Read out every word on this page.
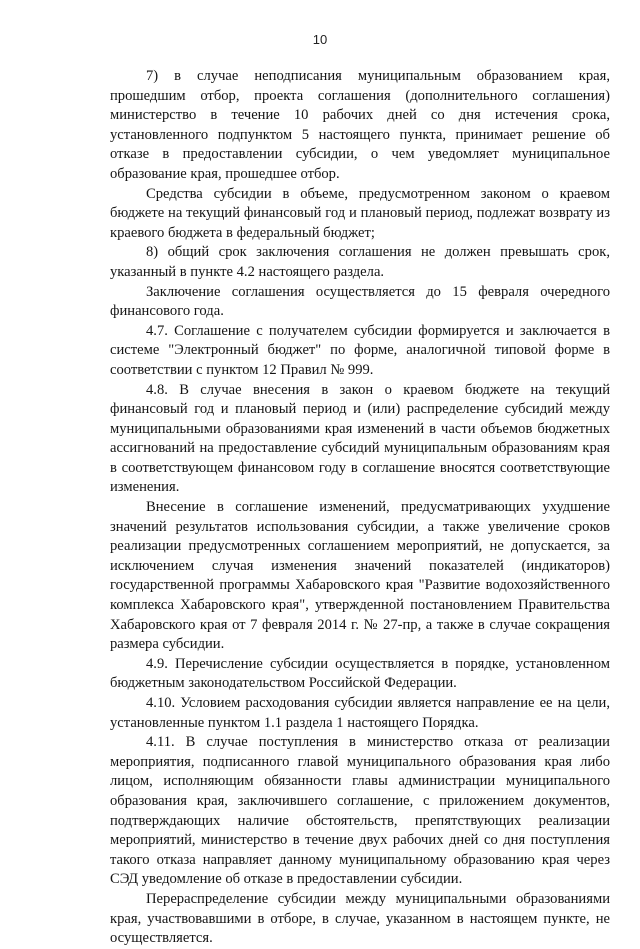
10

7) в случае неподписания муниципальным образованием края, прошедшим отбор, проекта соглашения (дополнительного соглашения) министерство в течение 10 рабочих дней со дня истечения срока, установленного подпунктом 5 настоящего пункта, принимает решение об отказе в предоставлении субсидии, о чем уведомляет муниципальное образование края, прошедшее отбор.

Средства субсидии в объеме, предусмотренном законом о краевом бюджете на текущий финансовый год и плановый период, подлежат возврату из краевого бюджета в федеральный бюджет;

8) общий срок заключения соглашения не должен превышать срок, указанный в пункте 4.2 настоящего раздела.

Заключение соглашения осуществляется до 15 февраля очередного финансового года.

4.7. Соглашение с получателем субсидии формируется и заключается в системе "Электронный бюджет" по форме, аналогичной типовой форме в соответствии с пунктом 12 Правил № 999.

4.8. В случае внесения в закон о краевом бюджете на текущий финансовый год и плановый период и (или) распределение субсидий между муниципальными образованиями края изменений в части объемов бюджетных ассигнований на предоставление субсидий муниципальным образованиям края в соответствующем финансовом году в соглашение вносятся соответствующие изменения.

Внесение в соглашение изменений, предусматривающих ухудшение значений результатов использования субсидии, а также увеличение сроков реализации предусмотренных соглашением мероприятий, не допускается, за исключением случая изменения значений показателей (индикаторов) государственной программы Хабаровского края "Развитие водохозяйственного комплекса Хабаровского края", утвержденной постановлением Правительства Хабаровского края от 7 февраля 2014 г. № 27-пр, а также в случае сокращения размера субсидии.

4.9. Перечисление субсидии осуществляется в порядке, установленном бюджетным законодательством Российской Федерации.

4.10. Условием расходования субсидии является направление ее на цели, установленные пунктом 1.1 раздела 1 настоящего Порядка.

4.11. В случае поступления в министерство отказа от реализации мероприятия, подписанного главой муниципального образования края либо лицом, исполняющим обязанности главы администрации муниципального образования края, заключившего соглашение, с приложением документов, подтверждающих наличие обстоятельств, препятствующих реализации мероприятий, министерство в течение двух рабочих дней со дня поступления такого отказа направляет данному муниципальному образованию края через СЭД уведомление об отказе в предоставлении субсидии.

Перераспределение субсидии между муниципальными образованиями края, участвовавшими в отборе, в случае, указанном в настоящем пункте, не осуществляется.
